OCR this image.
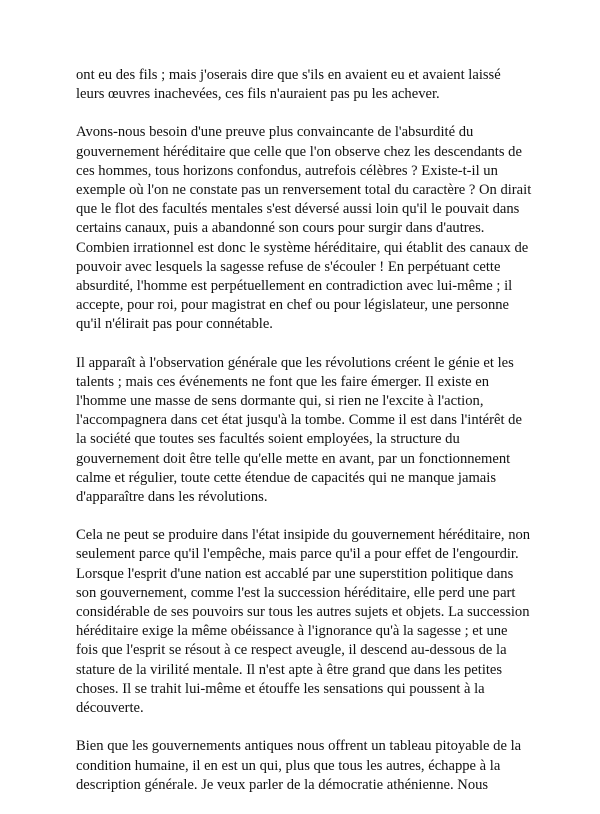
ont eu des fils ; mais j'oserais dire que s'ils en avaient eu et avaient laissé leurs œuvres inachevées, ces fils n'auraient pas pu les achever.

Avons-nous besoin d'une preuve plus convaincante de l'absurdité du gouvernement héréditaire que celle que l'on observe chez les descendants de ces hommes, tous horizons confondus, autrefois célèbres ? Existe-t-il un exemple où l'on ne constate pas un renversement total du caractère ? On dirait que le flot des facultés mentales s'est déversé aussi loin qu'il le pouvait dans certains canaux, puis a abandonné son cours pour surgir dans d'autres. Combien irrationnel est donc le système héréditaire, qui établit des canaux de pouvoir avec lesquels la sagesse refuse de s'écouler ! En perpétuant cette absurdité, l'homme est perpétuellement en contradiction avec lui-même ; il accepte, pour roi, pour magistrat en chef ou pour législateur, une personne qu'il n'élirait pas pour connétable.

Il apparaît à l'observation générale que les révolutions créent le génie et les talents ; mais ces événements ne font que les faire émerger. Il existe en l'homme une masse de sens dormante qui, si rien ne l'excite à l'action, l'accompagnera dans cet état jusqu'à la tombe. Comme il est dans l'intérêt de la société que toutes ses facultés soient employées, la structure du gouvernement doit être telle qu'elle mette en avant, par un fonctionnement calme et régulier, toute cette étendue de capacités qui ne manque jamais d'apparaître dans les révolutions.

Cela ne peut se produire dans l'état insipide du gouvernement héréditaire, non seulement parce qu'il l'empêche, mais parce qu'il a pour effet de l'engourdir. Lorsque l'esprit d'une nation est accablé par une superstition politique dans son gouvernement, comme l'est la succession héréditaire, elle perd une part considérable de ses pouvoirs sur tous les autres sujets et objets. La succession héréditaire exige la même obéissance à l'ignorance qu'à la sagesse ; et une fois que l'esprit se résout à ce respect aveugle, il descend au-dessous de la stature de la virilité mentale. Il n'est apte à être grand que dans les petites choses. Il se trahit lui-même et étouffe les sensations qui poussent à la découverte.

Bien que les gouvernements antiques nous offrent un tableau pitoyable de la condition humaine, il en est un qui, plus que tous les autres, échappe à la description générale. Je veux parler de la démocratie athénienne. Nous
